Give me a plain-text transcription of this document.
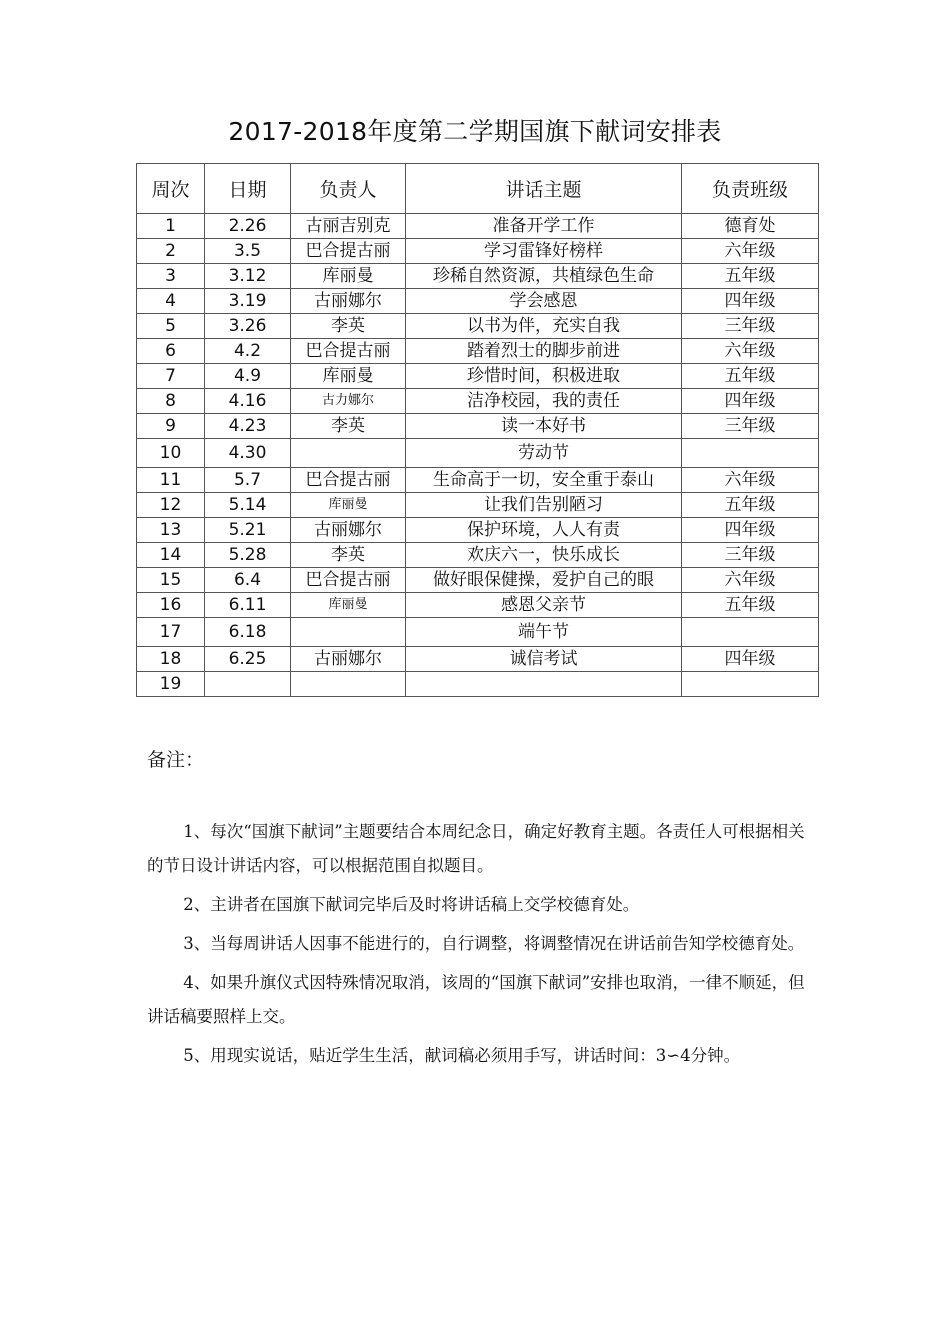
2017-2018年度第二学期国旗下献词安排表
周次	日期	负责人	讲话主题	负责班级
1	2.26	古丽吉别克	准备开学工作	德育处
2	3.5	巴合提古丽	学习雷锋好榜样	六年级
3	3.12	库丽曼	珍稀自然资源，共植绿色生命	五年级
4	3.19	古丽娜尔	学会感恩	四年级
5	3.26	李英	以书为伴，充实自我	三年级
6	4.2	巴合提古丽	踏着烈士的脚步前进	六年级
7	4.9	库丽曼	珍惜时间，积极进取	五年级
8	4.16	古力娜尔	洁净校园，我的责任	四年级
9	4.23	李英	读一本好书	三年级
10	4.30		劳动节	
11	5.7	巴合提古丽	生命高于一切，安全重于泰山	六年级
12	5.14	库丽曼	让我们告别陋习	五年级
13	5.21	古丽娜尔	保护环境，人人有责	四年级
14	5.28	李英	欢庆六一，快乐成长	三年级
15	6.4	巴合提古丽	做好眼保健操，爱护自己的眼	六年级
16	6.11	库丽曼	感恩父亲节	五年级
17	6.18		端午节	
18	6.25	古丽娜尔	诚信考试	四年级
19				
备注：

1、每次“国旗下献词”主题要结合本周纪念日，确定好教育主题。各责任人可根据相关的节日设计讲话内容，可以根据范围自拟题目。

2、主讲者在国旗下献词完毕后及时将讲话稿上交学校德育处。

3、当每周讲话人因事不能进行的，自行调整，将调整情况在讲话前告知学校德育处。

4、如果升旗仪式因特殊情况取消，该周的“国旗下献词”安排也取消，一律不顺延，但讲话稿要照样上交。

5、用现实说话，贴近学生生活，献词稿必须用手写，讲话时间：3∽4分钟。
